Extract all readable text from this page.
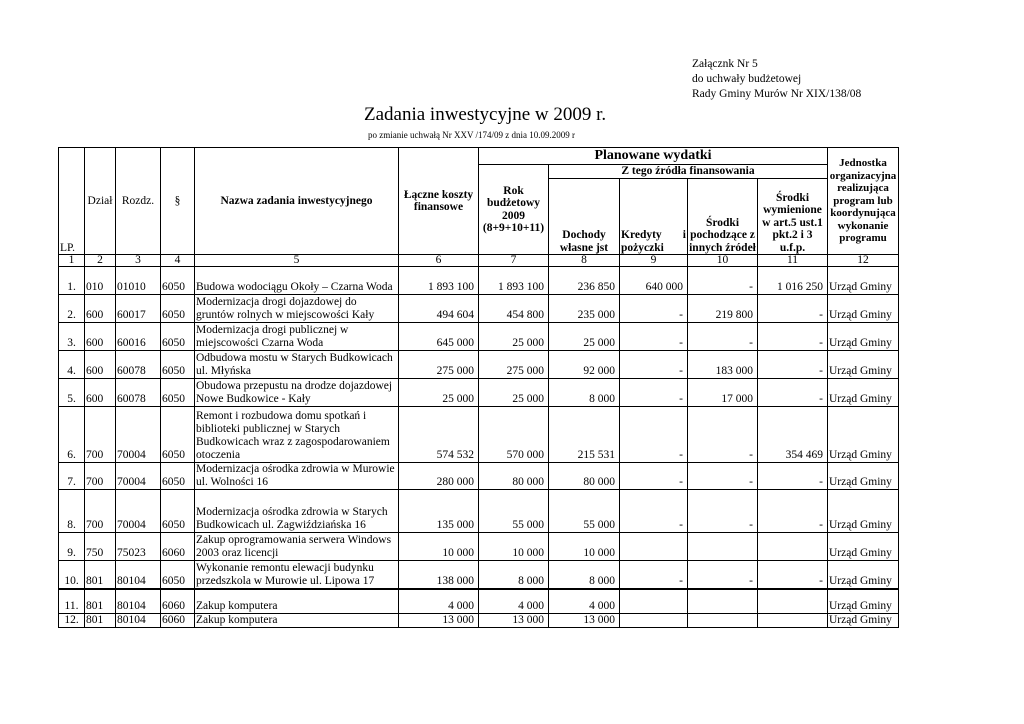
Załącznk Nr 5
do uchwały budżetowej
Rady Gminy Murów Nr XIX/138/08
Zadania inwestycyjne w 2009 r.
po zmianie uchwałą Nr XXV /174/09 z dnia 10.09.2009 r
LP.	Dział	Rozdz.	§	Nazwa zadania inwestycyjnego	Łączne koszty finansowe	Planowane wydatki					Jednostka organizacyjna realizująca program lub koordynująca wykonanie programu
						Rok budżetowy 2009 (8+9+10+11)	Z tego źródła finansowania				
							Dochody własne jst	Kredyty i pożyczki	Środki pochodzące z innych źródeł	Środki wymienione w art.5 ust.1 pkt.2 i 3 u.f.p.	
1	2	3	4	5	6	7	8	9	10	11	12
1.	010	01010	6050	Budowa wodociągu Okoły – Czarna Woda	1 893 100	1 893 100	236 850	640 000	-	1 016 250	Urząd Gminy
2.	600	60017	6050	Modernizacja drogi dojazdowej do gruntów rolnych w miejscowości Kały	494 604	454 800	235 000	-	219 800	-	Urząd Gminy
3.	600	60016	6050	Modernizacja drogi publicznej w miejscowości Czarna Woda	645 000	25 000	25 000	-	-	-	Urząd Gminy
4.	600	60078	6050	Odbudowa mostu w Starych Budkowicach ul. Młyńska	275 000	275 000	92 000	-	183 000	-	Urząd Gminy
5.	600	60078	6050	Obudowa przepustu na drodze dojazdowej Nowe Budkowice - Kały	25 000	25 000	8 000	-	17 000	-	Urząd Gminy
6.	700	70004	6050	Remont i rozbudowa domu spotkań i biblioteki publicznej w Starych Budkowicach wraz z zagospodarowaniem otoczenia	574 532	570 000	215 531	-	-	354 469	Urząd Gminy
7.	700	70004	6050	Modernizacja ośrodka zdrowia w Murowie ul. Wolności 16	280 000	80 000	80 000	-	-	-	Urząd Gminy
8.	700	70004	6050	Modernizacja ośrodka zdrowia w Starych Budkowicach ul. Zagwiździańska 16	135 000	55 000	55 000	-	-	-	Urząd Gminy
9.	750	75023	6060	Zakup oprogramowania serwera Windows 2003 oraz licencji	10 000	10 000	10 000				Urząd Gminy
10.	801	80104	6050	Wykonanie remontu elewacji budynku przedszkola w Murowie ul. Lipowa 17	138 000	8 000	8 000	-	-	-	Urząd Gminy
11.	801	80104	6060	Zakup komputera	4 000	4 000	4 000				Urząd Gminy
12.	801	80104	6060	Zakup komputera	13 000	13 000	13 000				Urząd Gminy
